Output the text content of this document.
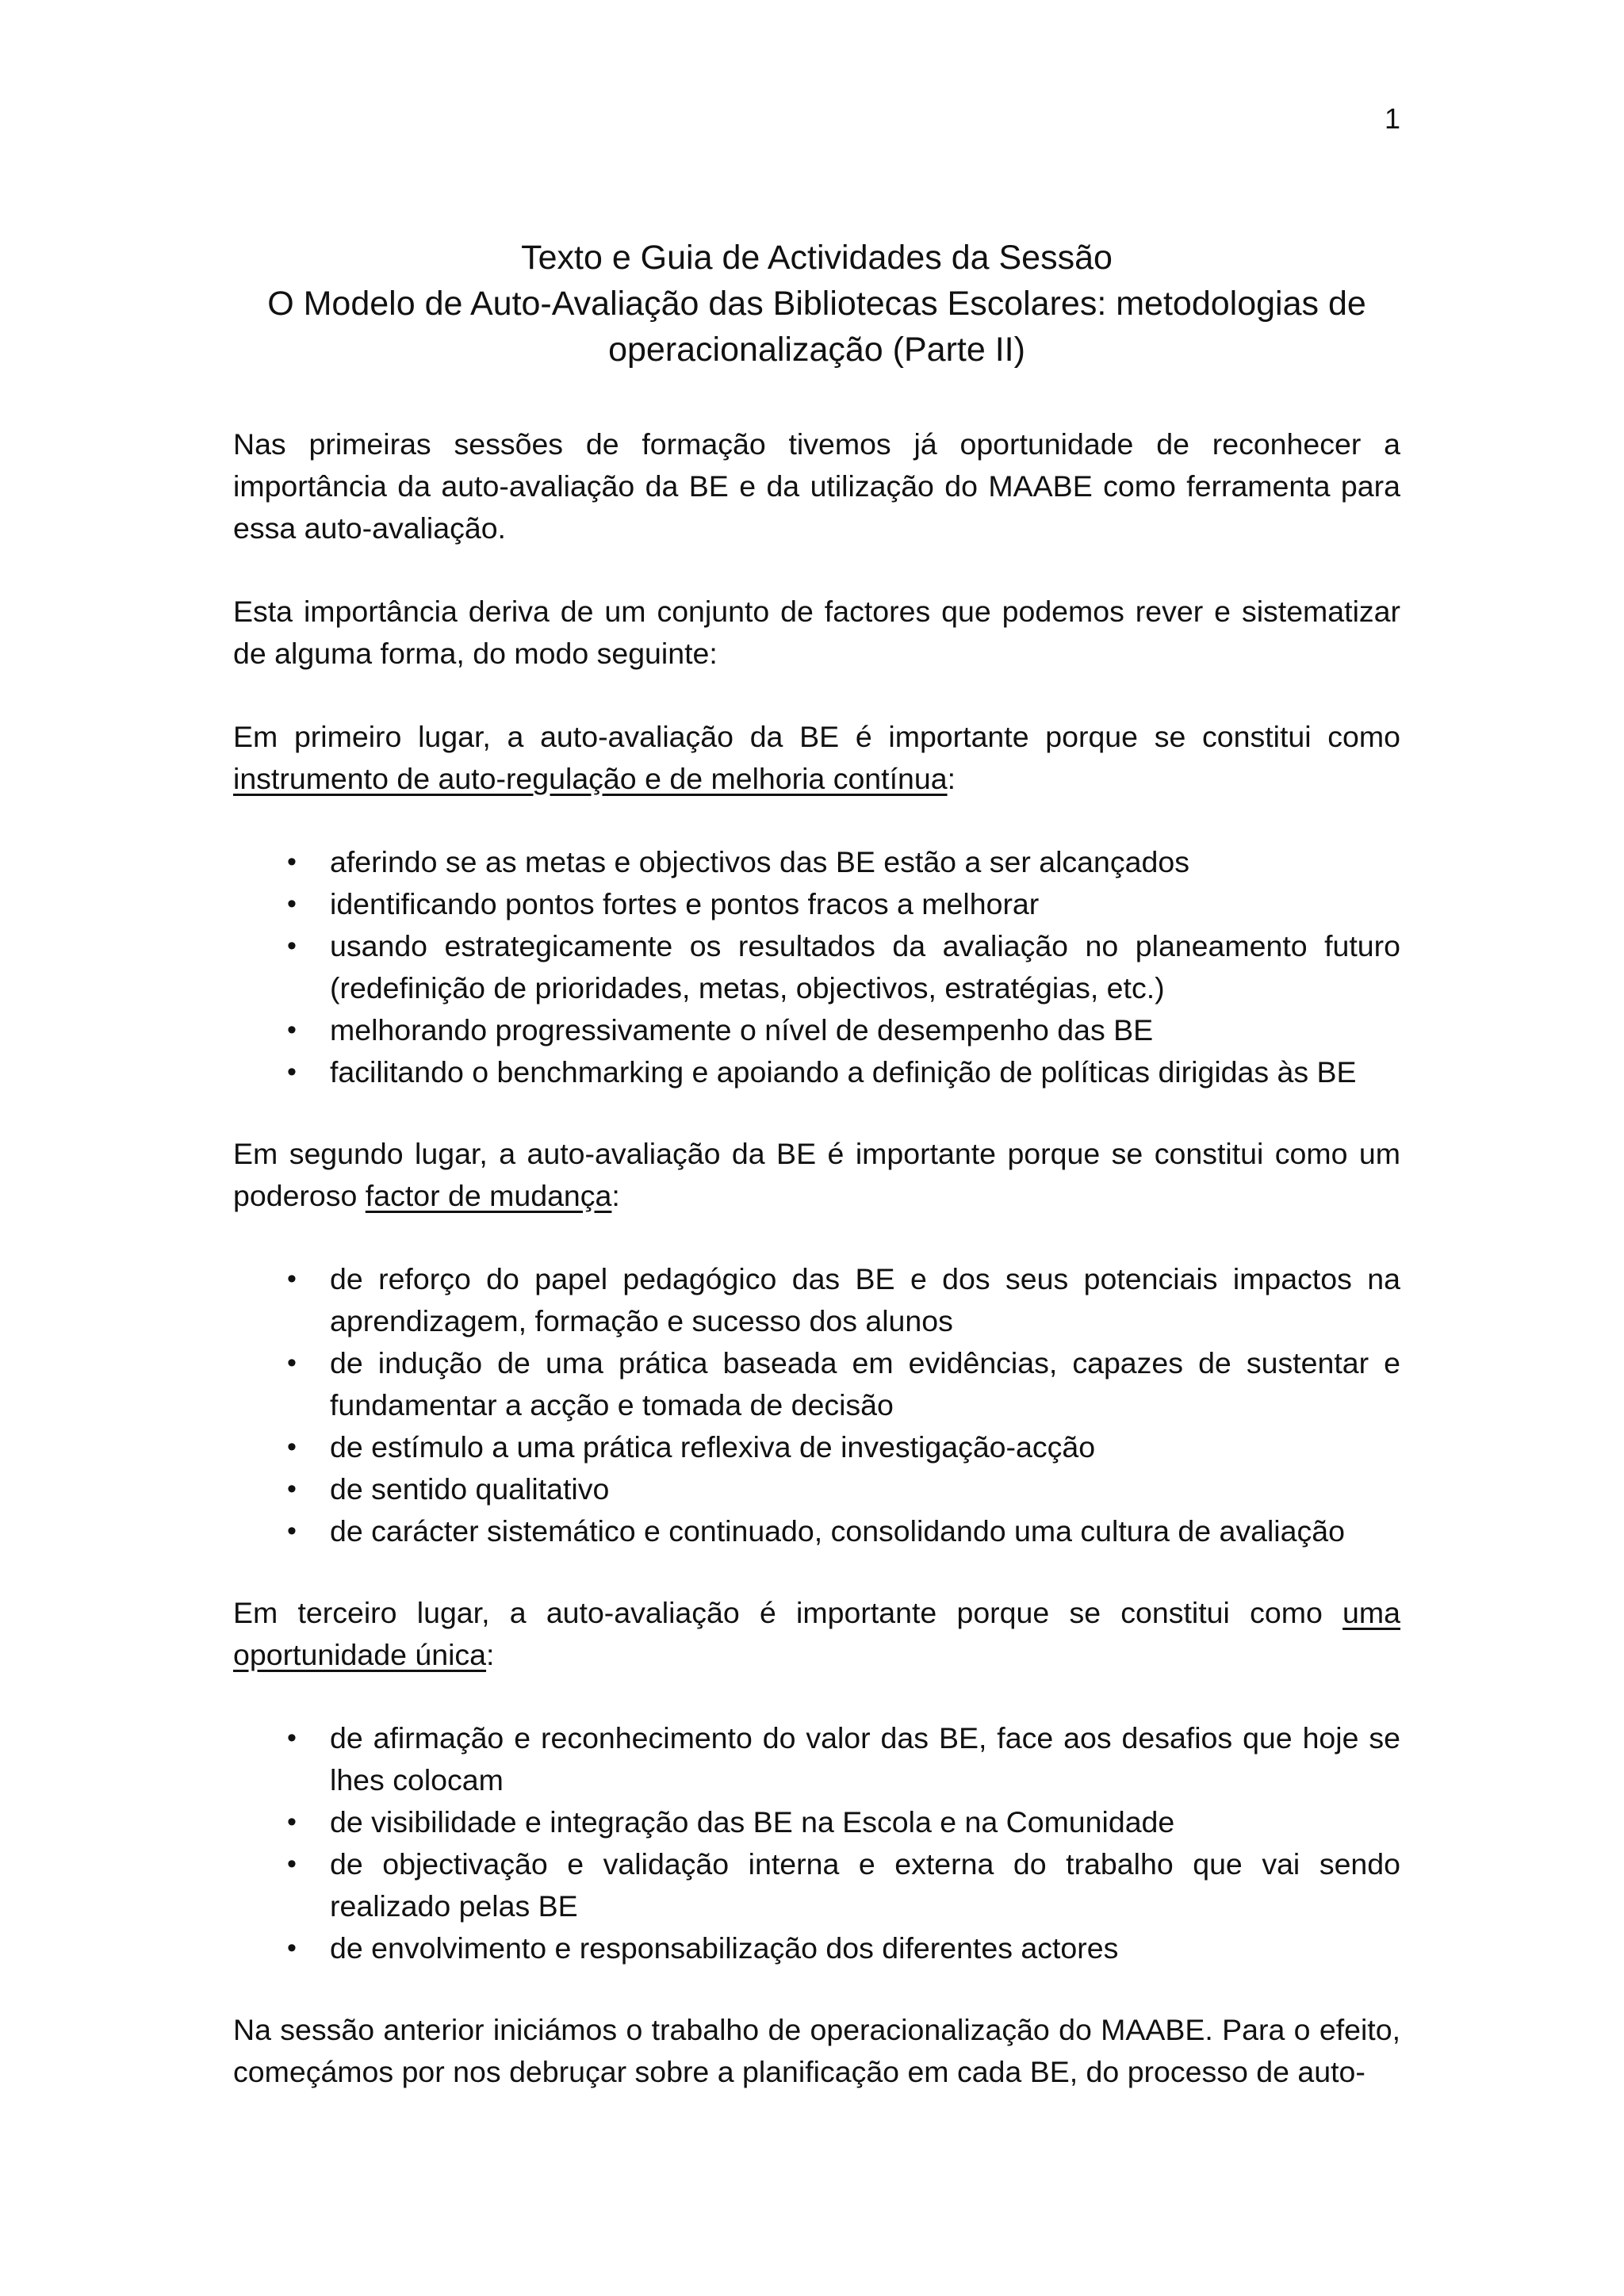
1
Texto e Guia de Actividades da Sessão
O Modelo de Auto-Avaliação das Bibliotecas Escolares: metodologias de
operacionalização (Parte II)

Nas primeiras sessões de formação tivemos já oportunidade de reconhecer a importância da auto-avaliação da BE e da utilização do MAABE como ferramenta para essa auto-avaliação.

Esta importância deriva de um conjunto de factores que podemos rever e sistematizar de alguma forma, do modo seguinte:

Em primeiro lugar, a auto-avaliação da BE é importante porque se constitui como instrumento de auto-regulação e de melhoria contínua:

• aferindo se as metas e objectivos das BE estão a ser alcançados
• identificando pontos fortes e pontos fracos a melhorar
• usando estrategicamente os resultados da avaliação no planeamento futuro (redefinição de prioridades, metas, objectivos, estratégias, etc.)
• melhorando progressivamente o nível de desempenho das BE
• facilitando o benchmarking e apoiando a definição de políticas dirigidas às BE

Em segundo lugar, a auto-avaliação da BE é importante porque se constitui como um poderoso factor de mudança:

• de reforço do papel pedagógico das BE e dos seus potenciais impactos na aprendizagem, formação e sucesso dos alunos
• de indução de uma prática baseada em evidências, capazes de sustentar e fundamentar a acção e tomada de decisão
• de estímulo a uma prática reflexiva de investigação-acção
• de sentido qualitativo
• de carácter sistemático e continuado, consolidando uma cultura de avaliação

Em terceiro lugar, a auto-avaliação é importante porque se constitui como uma oportunidade única:

• de afirmação e reconhecimento do valor das BE, face aos desafios que hoje se lhes colocam
• de visibilidade e integração das BE na Escola e na Comunidade
• de objectivação e validação interna e externa do trabalho que vai sendo realizado pelas BE
• de envolvimento e responsabilização dos diferentes actores

Na sessão anterior iniciámos o trabalho de operacionalização do MAABE. Para o efeito, começámos por nos debruçar sobre a planificação em cada BE, do processo de auto-
